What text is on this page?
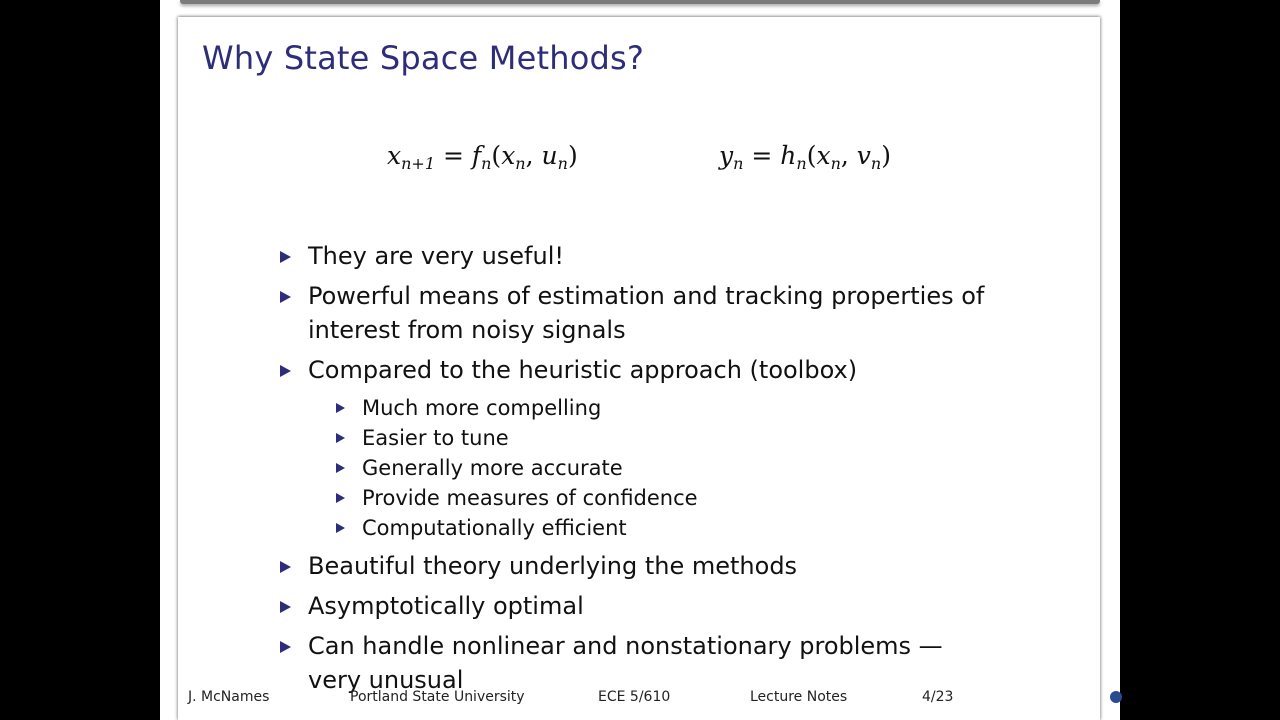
Why State Space Methods?
$x_{n+1} = f_n(x_n$, $u_n$)	$y_n = h_n(x_n$, $v_n$)
They are very useful!
Powerful means of estimation and tracking properties of interest from noisy signals
Compared to the heuristic approach (toolbox)
Much more compelling
Easier to tune
Generally more accurate
Provide measures of confidence
Computationally efficient
Beautiful theory underlying the methods
Asymptotically optimal
Can handle nonlinear and nonstationary problems — very unusual
J. McNames	Portland State University	ECE 5/610	Lecture Notes	4/23
